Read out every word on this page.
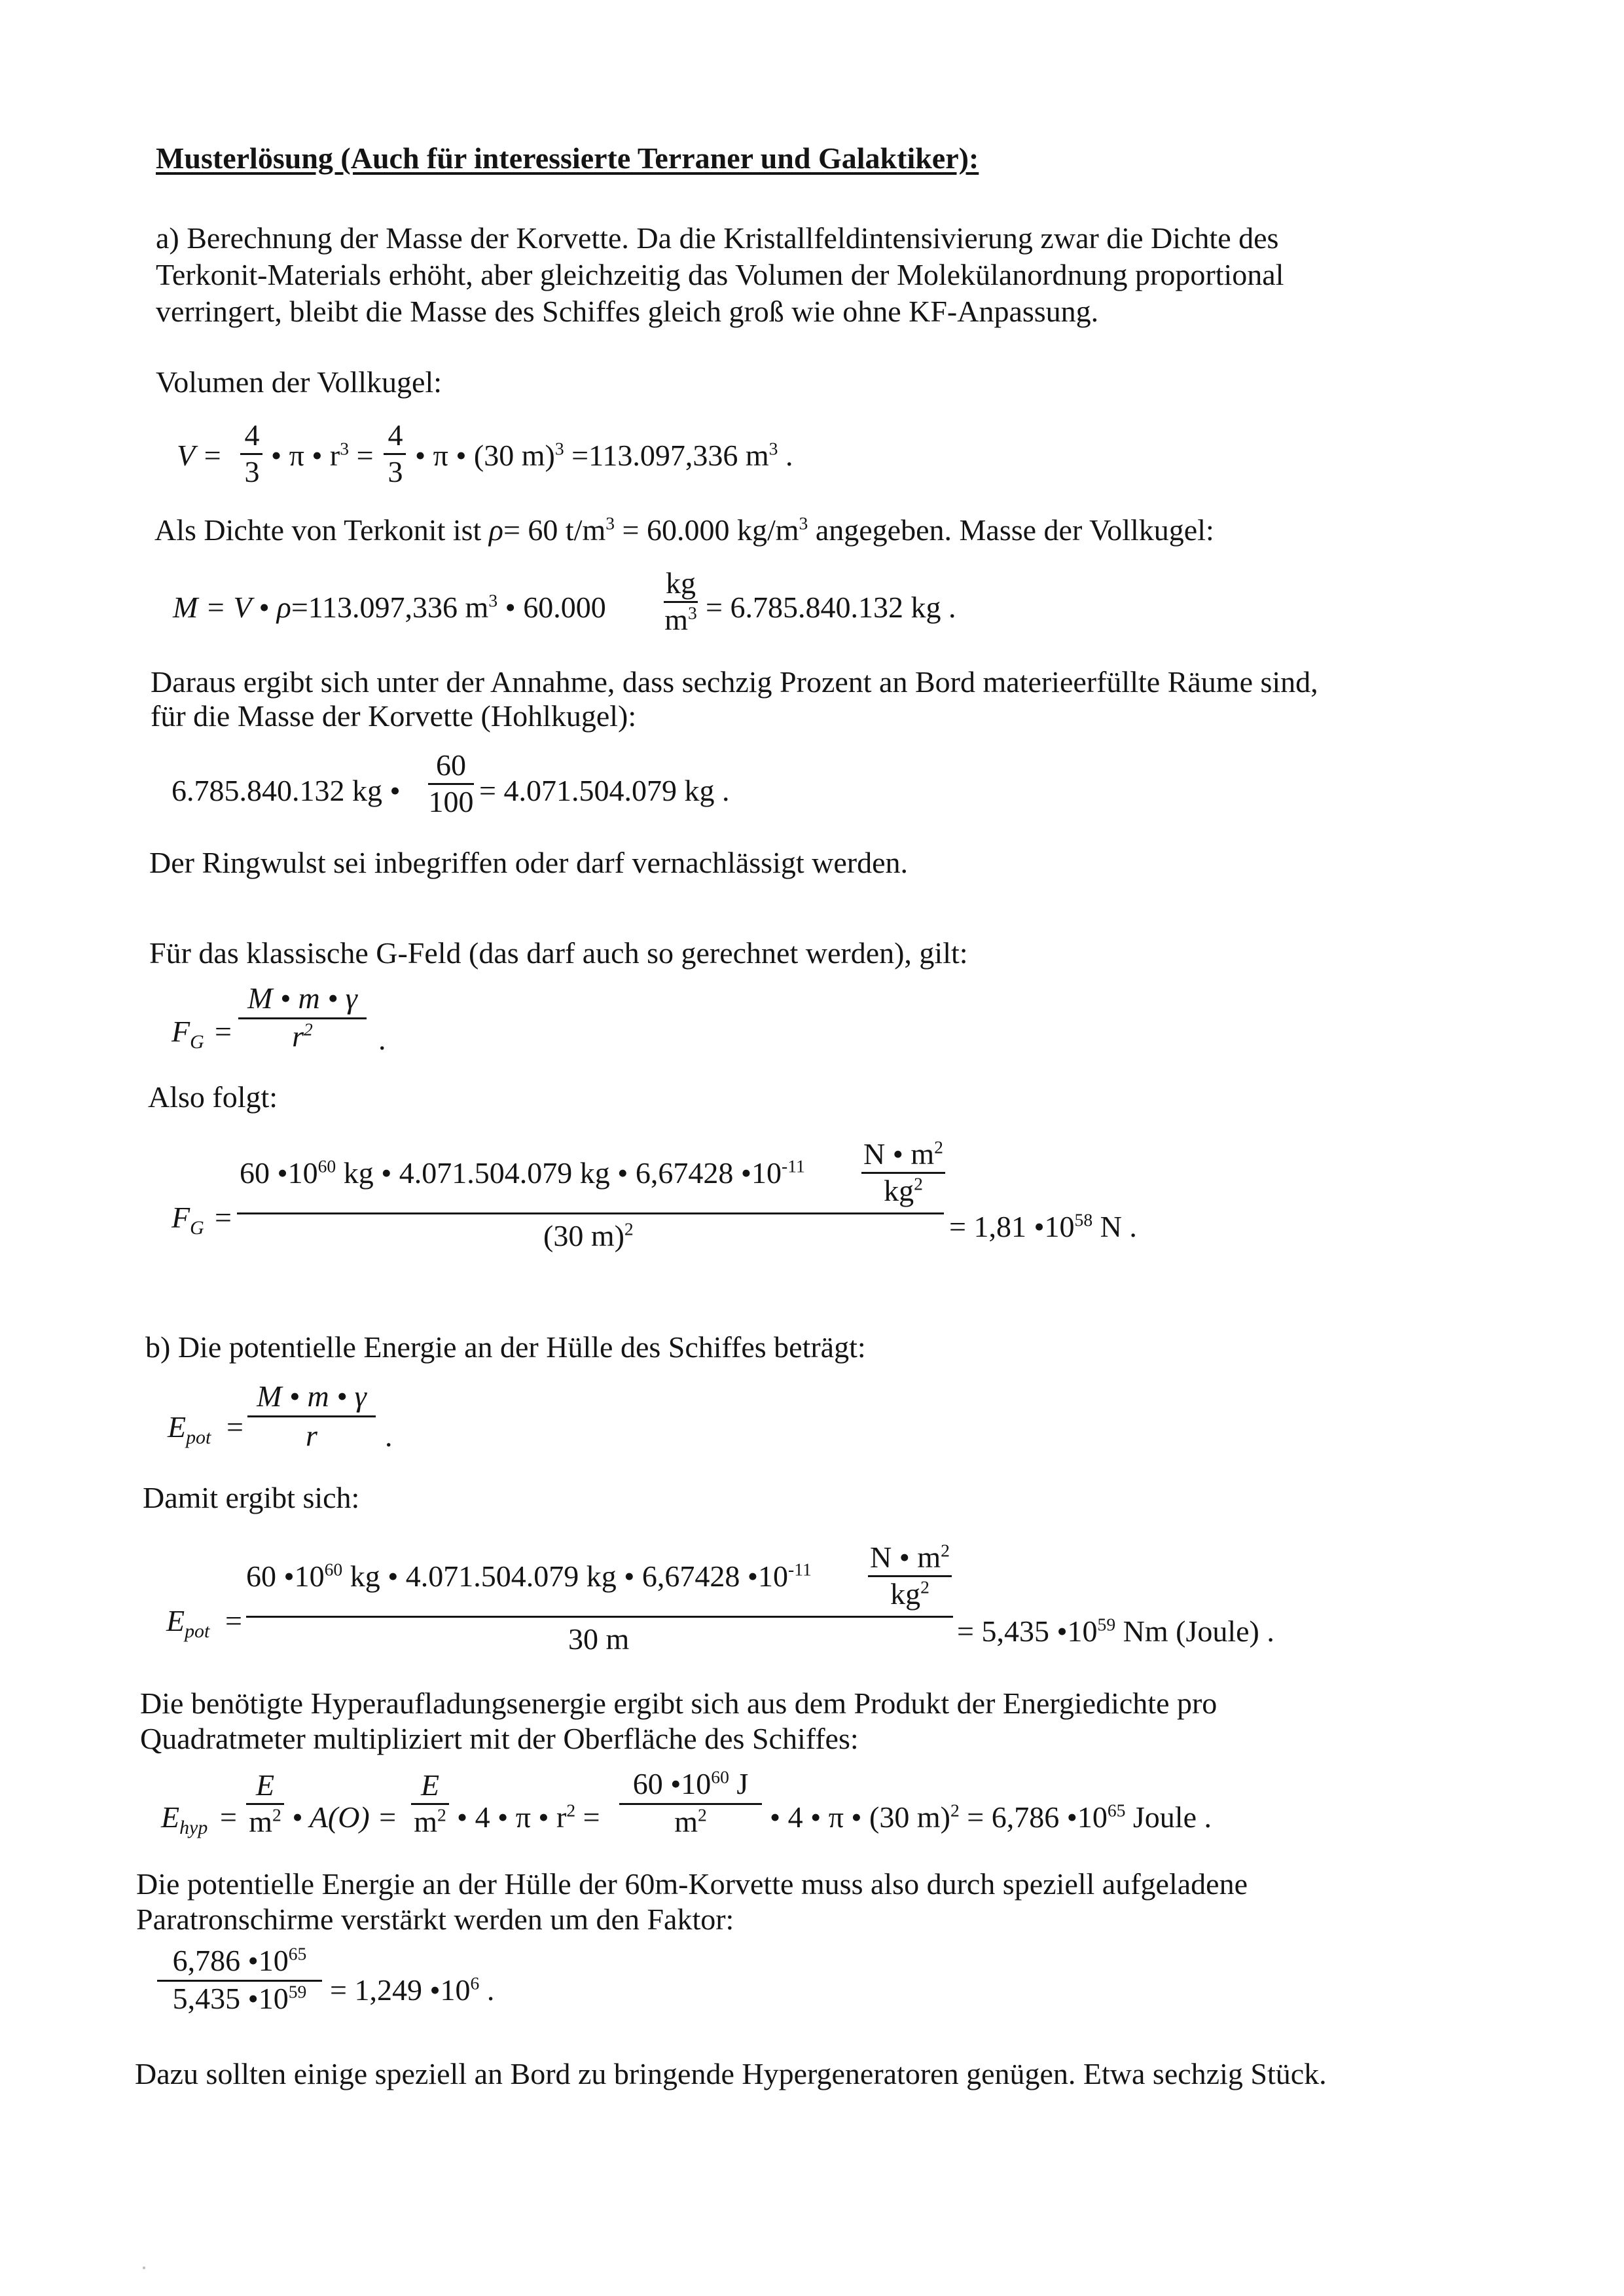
Musterlösung (Auch für interessierte Terraner und Galaktiker):
a) Berechnung der Masse der Korvette. Da die Kristallfeldintensivierung zwar die Dichte des
Terkonit-Materials erhöht, aber gleichzeitig das Volumen der Molekülanordnung proportional
verringert, bleibt die Masse des Schiffes gleich groß wie ohne KF-Anpassung.
Volumen der Vollkugel:
V =
4
3 • π • $r^3$ =
4
3 • π • (30 m)$^3$ =113.097,336 $m^3$ .
Als Dichte von Terkonit ist ρ= 60 $t/m^3 = 60.000$ $kg/m^3$ angegeben. Masse der Vollkugel:
M = V • ρ=113.097,336 $m^3$ • 60.000
kg
$m^3 = 6.785.840.132$ kg .
Daraus ergibt sich unter der Annahme, dass sechzig Prozent an Bord materieerfüllte Räume sind,
für die Masse der Korvette (Hohlkugel):
6.785.840.132 kg •
60
100 = 4.071.504.079 kg .
Der Ringwulst sei inbegriffen oder darf vernachlässigt werden.
Für das klassische G-Feld (das darf auch so gerechnet werden), gilt:
$F_G$ =
M • m • γ
$r^2$	.
Also folgt:
60 $•10^{60}$ kg • 4.071.504.079 kg • 6,67428 $•10^{-11}$ N • $m^2$
$kg^2$
$F_G$ =
(30 m)$^2$	= 1,81 $•10^{58}$ N .
b) Die potentielle Energie an der Hülle des Schiffes beträgt:
$E_{pot}$ =
M • m • γ
r	.
Damit ergibt sich:
60 $•10^{60}$ kg • 4.071.504.079 kg • 6,67428 $•10^{-11}$ N • $m^2$
$kg^2$
$E_{pot}$ =
30 m	= 5,435 $•10^{59}$ Nm (Joule) .
Die benötigte Hyperaufladungsenergie ergibt sich aus dem Produkt der Energiedichte pro
Quadratmeter multipliziert mit der Oberfläche des Schiffes:
$E_{hyp}$ =
E
$m^2$ • A(O) =
E
$m^2$ • 4 • π • $r^2$ =
60 $•10^{60}$ J
$m^2$	• 4 • π • (30 m)$^2$ = 6,786 $•10^{65}$ Joule .
Die potentielle Energie an der Hülle der 60m-Korvette muss also durch speziell aufgeladene
Paratronschirme verstärkt werden um den Faktor:
6,786 $•10^{65}$
5,435 $•10^{59} = 1,249$ $•10^6$ .
Dazu sollten einige speziell an Bord zu bringende Hypergeneratoren genügen. Etwa sechzig Stück.
